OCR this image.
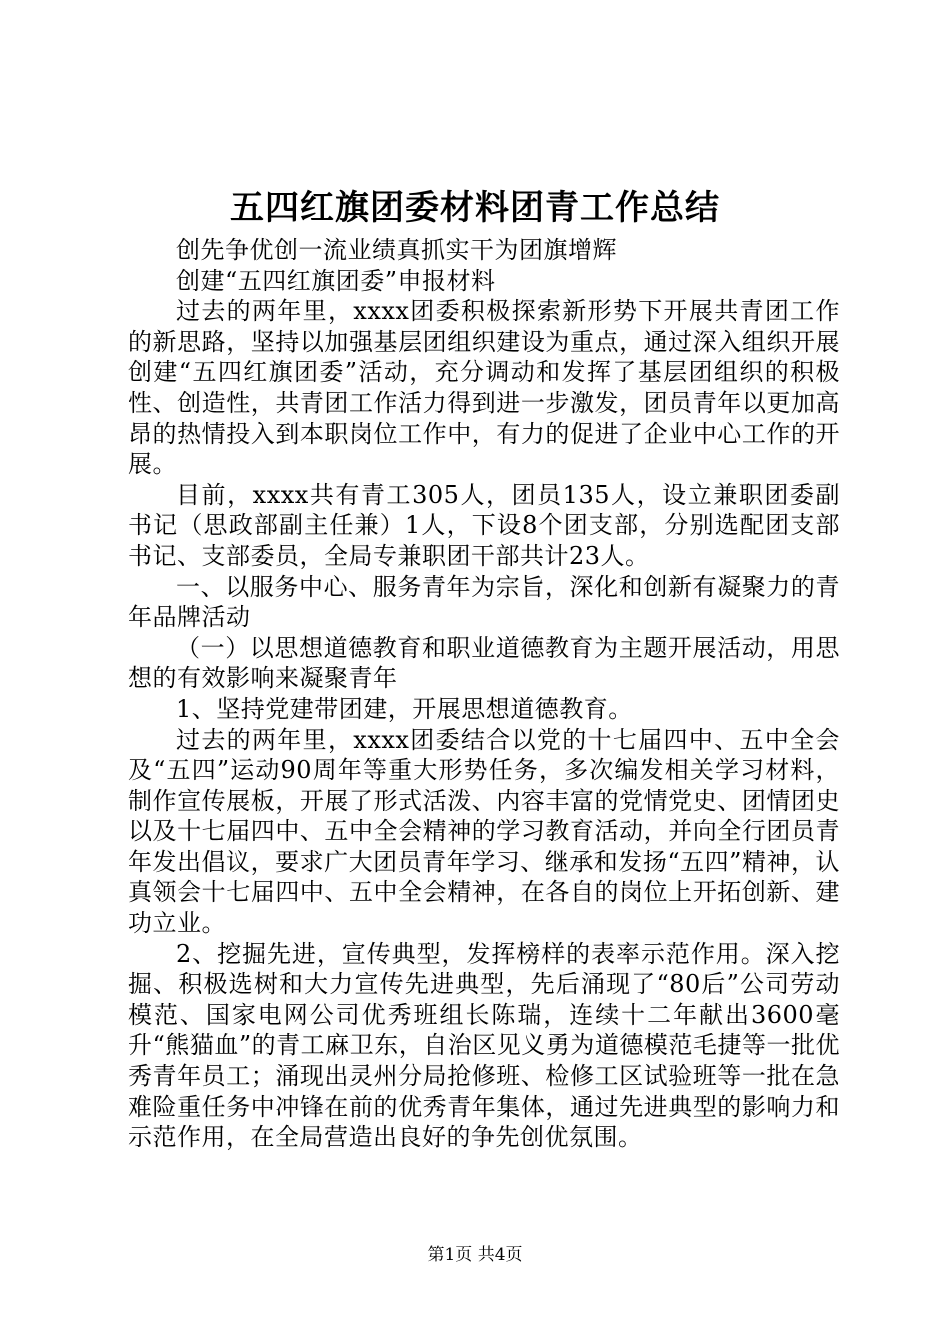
五四红旗团委材料团青工作总结

创先争优创一流业绩真抓实干为团旗增辉

创建“五四红旗团委”申报材料

过去的两年里，xxxx团委积极探索新形势下开展共青团工作的新思路，坚持以加强基层团组织建设为重点，通过深入组织开展创建“五四红旗团委”活动，充分调动和发挥了基层团组织的积极性、创造性，共青团工作活力得到进一步激发，团员青年以更加高昂的热情投入到本职岗位工作中，有力的促进了企业中心工作的开展。

目前，xxxx共有青工305人，团员135人，设立兼职团委副书记（思政部副主任兼）1人，下设8个团支部，分别选配团支部书记、支部委员，全局专兼职团干部共计23人。

一、以服务中心、服务青年为宗旨，深化和创新有凝聚力的青年品牌活动

（一）以思想道德教育和职业道德教育为主题开展活动，用思想的有效影响来凝聚青年

1、坚持党建带团建，开展思想道德教育。

过去的两年里，xxxx团委结合以党的十七届四中、五中全会及“五四”运动90周年等重大形势任务，多次编发相关学习材料，制作宣传展板，开展了形式活泼、内容丰富的党情党史、团情团史以及十七届四中、五中全会精神的学习教育活动，并向全行团员青年发出倡议，要求广大团员青年学习、继承和发扬“五四”精神，认真领会十七届四中、五中全会精神，在各自的岗位上开拓创新、建功立业。

2、挖掘先进，宣传典型，发挥榜样的表率示范作用。深入挖掘、积极选树和大力宣传先进典型，先后涌现了“80后”公司劳动模范、国家电网公司优秀班组长陈瑞，连续十二年献出3600毫升“熊猫血”的青工麻卫东，自治区见义勇为道德模范毛捷等一批优秀青年员工；涌现出灵州分局抢修班、检修工区试验班等一批在急难险重任务中冲锋在前的优秀青年集体，通过先进典型的影响力和示范作用，在全局营造出良好的争先创优氛围。

第1页 共4页
